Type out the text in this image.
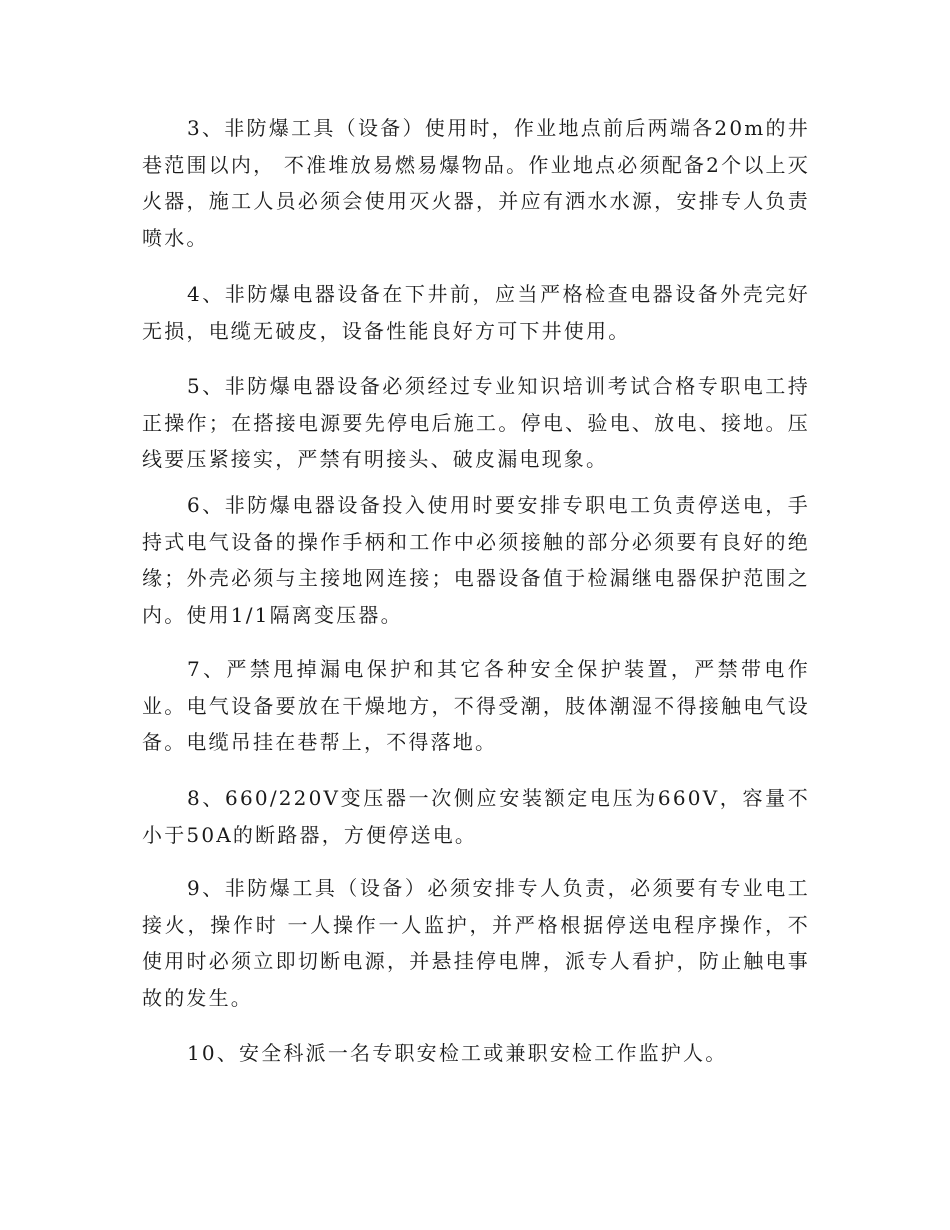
3、非防爆工具（设备）使用时，作业地点前后两端各20m的井巷范围以内， 不准堆放易燃易爆物品。作业地点必须配备2个以上灭火器，施工人员必须会使用灭火器，并应有洒水水源，安排专人负责喷水。

4、非防爆电器设备在下井前，应当严格检查电器设备外壳完好无损，电缆无破皮，设备性能良好方可下井使用。

5、非防爆电器设备必须经过专业知识培训考试合格专职电工持正操作；在搭接电源要先停电后施工。停电、验电、放电、接地。压线要压紧接实，严禁有明接头、破皮漏电现象。

6、非防爆电器设备投入使用时要安排专职电工负责停送电，手持式电气设备的操作手柄和工作中必须接触的部分必须要有良好的绝缘；外壳必须与主接地网连接；电器设备值于检漏继电器保护范围之内。使用1/1隔离变压器。

7、严禁甩掉漏电保护和其它各种安全保护装置，严禁带电作业。电气设备要放在干燥地方，不得受潮，肢体潮湿不得接触电气设备。电缆吊挂在巷帮上，不得落地。

8、660/220V变压器一次侧应安装额定电压为660V，容量不小于50A的断路器，方便停送电。

9、非防爆工具（设备）必须安排专人负责，必须要有专业电工接火，操作时 一人操作一人监护，并严格根据停送电程序操作，不使用时必须立即切断电源，并悬挂停电牌，派专人看护，防止触电事故的发生。

10、安全科派一名专职安检工或兼职安检工作监护人。
